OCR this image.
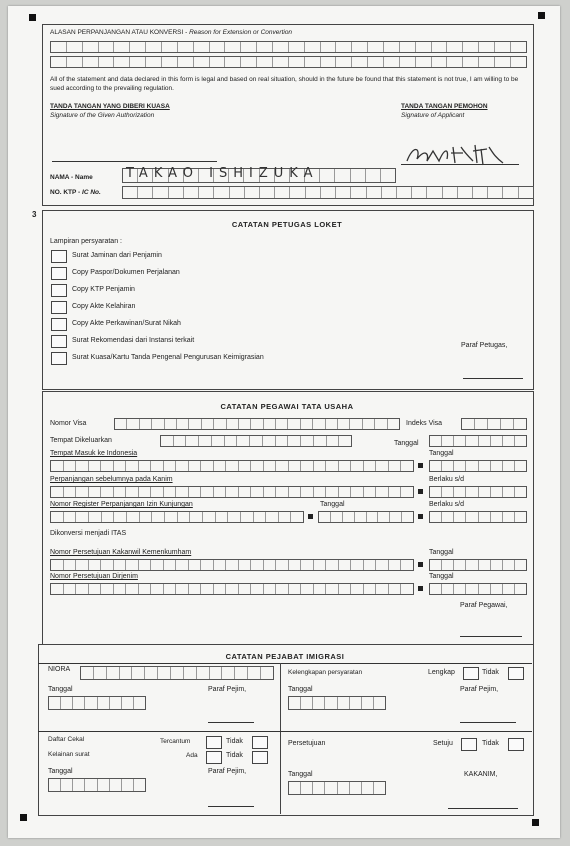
ALASAN PERPANJANGAN ATAU KONVERSI - Reason for Extension or Convertion
All of the statement and data declared in this form is legal and based on real situation, should in the future be found that this statement is not true, I am willing to be sued according to the prevailing regulation.
TANDA TANGAN YANG DIBERI KUASA
Signature of the Given Authorization
TANDA TANGAN PEMOHON
Signature of Applicant
NAMA - Name	TAKAO ISHIZUKA
NO. KTP - IC No.
3
CATATAN PETUGAS LOKET
Lampiran persyaratan :
Surat Jaminan dari Penjamin
Copy Paspor/Dokumen Perjalanan
Copy KTP Penjamin
Copy Akte Kelahiran
Copy Akte Perkawinan/Surat Nikah
Surat Rekomendasi dari Instansi terkait
Surat Kuasa/Kartu Tanda Pengenal Pengurusan Keimigrasian
Paraf Petugas,
CATATAN PEGAWAI TATA USAHA
Nomor Visa	Indeks Visa
Tempat Dikeluarkan	Tanggal
Tempat Masuk ke Indonesia	Tanggal
Perpanjangan sebelumnya pada Kanim	Berlaku s/d
Nomor Register Perpanjangan Izin Kunjungan	Tanggal	Berlaku s/d
Dikonversi menjadi ITAS
Nomor Persetujuan Kakanwil Kemenkumham	Tanggal
Nomor Persetujuan Dirjenim	Tanggal
Paraf Pegawai,
CATATAN PEJABAT IMIGRASI
NIORA
Tanggal	Paraf Pejim,
Kelengkapan persyaratan	Lengkap	Tidak
Tanggal	Paraf Pejim,
Daftar Cekal	Tercantum	Tidak
Kelainan surat	Ada	Tidak
Tanggal	Paraf Pejim,
Persetujuan	Setuju	Tidak
Tanggal	KAKANIM,
